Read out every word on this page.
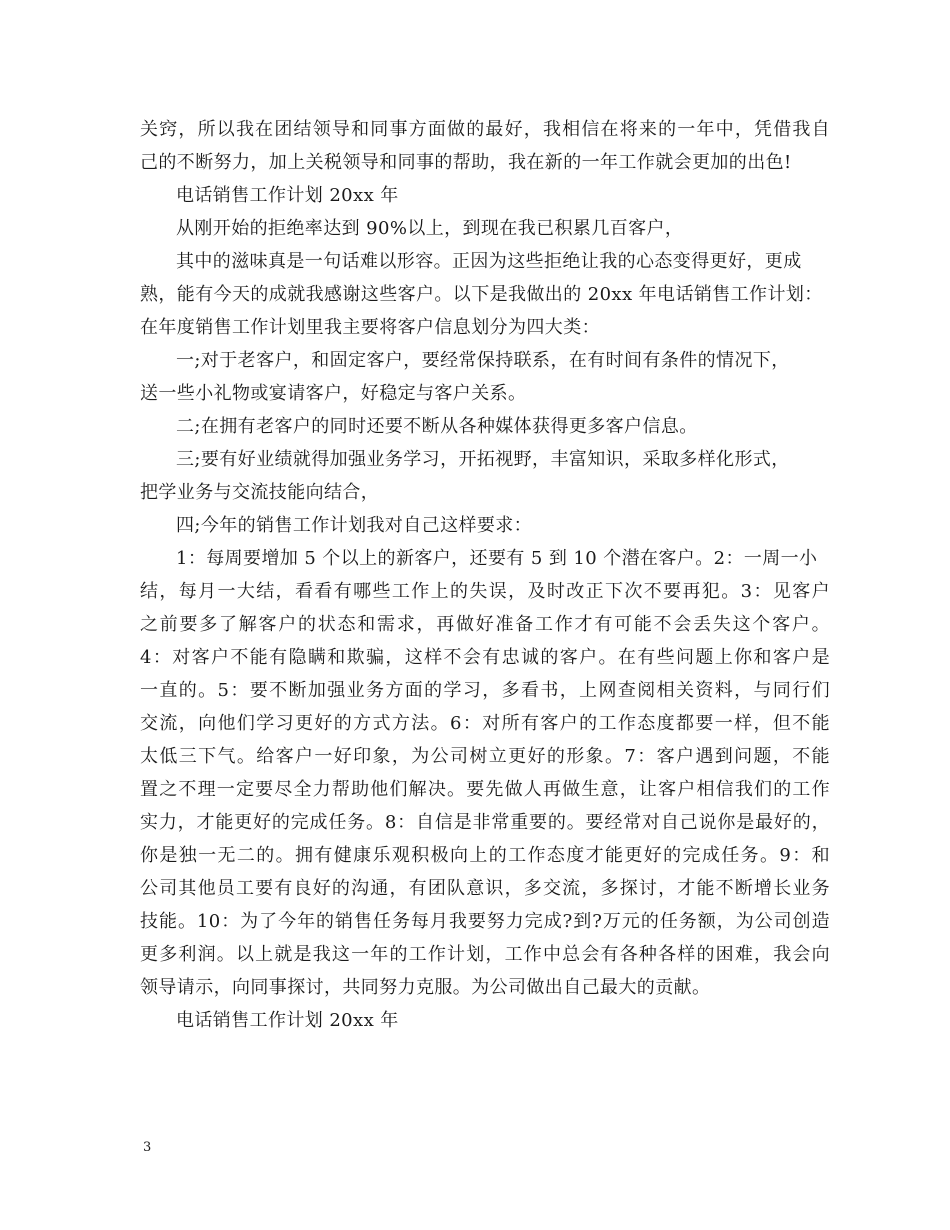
关窍，所以我在团结领导和同事方面做的最好，我相信在将来的一年中，凭借我自
己的不断努力，加上关税领导和同事的帮助，我在新的一年工作就会更加的出色!
电话销售工作计划 20xx 年
从刚开始的拒绝率达到 90%以上，到现在我已积累几百客户，
其中的滋味真是一句话难以形容。正因为这些拒绝让我的心态变得更好，更成
熟，能有今天的成就我感谢这些客户。以下是我做出的 20xx 年电话销售工作计划：
在年度销售工作计划里我主要将客户信息划分为四大类：
一;对于老客户，和固定客户，要经常保持联系，在有时间有条件的情况下，
送一些小礼物或宴请客户，好稳定与客户关系。
二;在拥有老客户的同时还要不断从各种媒体获得更多客户信息。
三;要有好业绩就得加强业务学习，开拓视野，丰富知识，采取多样化形式，
把学业务与交流技能向结合，
四;今年的销售工作计划我对自己这样要求：
1：每周要增加 5 个以上的新客户，还要有 5 到 10 个潜在客户。2：一周一小
结，每月一大结，看看有哪些工作上的失误，及时改正下次不要再犯。3：见客户
之前要多了解客户的状态和需求，再做好准备工作才有可能不会丢失这个客户。
4：对客户不能有隐瞒和欺骗，这样不会有忠诚的客户。在有些问题上你和客户是
一直的。5：要不断加强业务方面的学习，多看书，上网查阅相关资料，与同行们
交流，向他们学习更好的方式方法。6：对所有客户的工作态度都要一样，但不能
太低三下气。给客户一好印象，为公司树立更好的形象。7：客户遇到问题，不能
置之不理一定要尽全力帮助他们解决。要先做人再做生意，让客户相信我们的工作
实力，才能更好的完成任务。8：自信是非常重要的。要经常对自己说你是最好的，
你是独一无二的。拥有健康乐观积极向上的工作态度才能更好的完成任务。9：和
公司其他员工要有良好的沟通，有团队意识，多交流，多探讨，才能不断增长业务
技能。10：为了今年的销售任务每月我要努力完成?到?万元的任务额，为公司创造
更多利润。以上就是我这一年的工作计划，工作中总会有各种各样的困难，我会向
领导请示，向同事探讨，共同努力克服。为公司做出自己最大的贡献。
电话销售工作计划 20xx 年
3
